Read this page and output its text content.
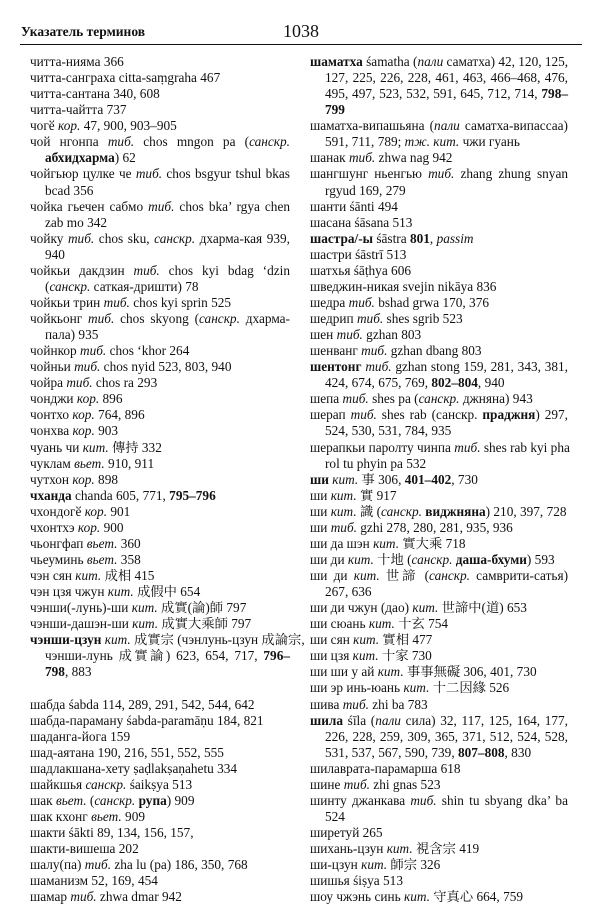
Указатель терминов	1038
читта-нияма 366
читта-санграха citta-saṃgraha 467
читта-сантана 340, 608
читта-чайтта 737
чогӗ кор. 47, 900, 903–905
чой нгонпа тиб. chos mngon pa (санскр.
абхидхарма) 62
чойгьюр цулке че тиб. chos bsgyur tshul bkas
bcad 356
чойка гьечен сабмо тиб. chos bka’ rgya chen
zab mo 342
чойку тиб. chos sku, санскр. дхарма-кая 939,
940
чойкьи дакдзин тиб. chos kyi bdag ‘dzin
(санскр. саткая-дришти) 78
чойкьи трин тиб. chos kyi sprin 525
чойкьонг тиб. chos skyong (санскр. дхарма-
пала) 935
чойнкор тиб. chos ‘khor 264
чойньи тиб. chos nyid 523, 803, 940
чойра тиб. chos ra 293
чонджи кор. 896
чонтхо кор. 764, 896
чонхва кор. 903
чуань чи кит. 傳持 332
чуклам вьет. 910, 911
чутхон кор. 898
чханда chanda 605, 771, 795–796
чхондогӗ кор. 901
чхонтхэ кор. 900
чьонгфап вьет. 360
чьеуминь вьет. 358
чэн сян кит. 成相 415
чэн цзя чжун кит. 成假中 654
чэнши(-лунь)-ши кит. 成實(論)師 797
чэнши-дашэн-ши кит. 成實大乘師 797
чэнши-цзун кит. 成實宗 (чэнлунь-цзун 成論宗,
чэнши-лунь 成實論) 623, 654, 717, 796–
798, 883
шабда śabda 114, 289, 291, 542, 544, 642
шабда-параману śabda-paramāṇu 184, 821
шаданга-йога 159
шад-аятана 190, 216, 551, 552, 555
шадлакшана-хету ṣaḍlakṣaṇahetu 334
шайкшья санскр. śaikṣya 513
шак вьет. (санскр. рупа) 909
шак кхонг вьет. 909
шакти śākti 89, 134, 156, 157,
шакти-вишеша 202
шалу(па) тиб. zha lu (pa) 186, 350, 768
шаманизм 52, 169, 454
шамар тиб. zhwa dmar 942
шаматха śamatha (пали саматха) 42, 120, 125,
127, 225, 226, 228, 461, 463, 466–468, 476,
495, 497, 523, 532, 591, 645, 712, 714, 798–
799
шаматха-випашьяна (пали саматха-випассаа)
591, 711, 789; тж. кит. чжи гуань
шанак тиб. zhwa nag 942
шангшунг ньенгью тиб. zhang zhung snyan
rgyud 169, 279
шанти śānti 494
шасана śāsana 513
шастра/-ы śāstra 801, passim
шастри śāstrī 513
шатхья śāṭhya 606
шведжин-никая svejin nikāya 836
шедра тиб. bshad grwa 170, 376
шедрип тиб. shes sgrib 523
шен тиб. gzhan 803
шенванг тиб. gzhan dbang 803
шентонг тиб. gzhan stong 159, 281, 343, 381,
424, 674, 675, 769, 802–804, 940
шепа тиб. shes pa (санскр. джняна) 943
шерап тиб. shes rab (санскр. праджня) 297,
524, 530, 531, 784, 935
шерапкьи паролту чинпа тиб. shes rab kyi pha
rol tu phyin pa 532
ши кит. 事 306, 401–402, 730
ши кит. 實 917
ши кит. 識 (санскр. виджняна) 210, 397, 728
ши тиб. gzhi 278, 280, 281, 935, 936
ши да шэн кит. 實大乘 718
ши ди кит. 十地 (санскр. даша-бхуми) 593
ши ди кит. 世諦 (санскр. самврити-сатья)
267, 636
ши ди чжун (дао) кит. 世諦中(道) 653
ши сюань кит. 十玄 754
ши сян кит. 實相 477
ши цзя кит. 十家 730
ши ши у ай кит. 事事無礙 306, 401, 730
ши эр инь-юань кит. 十二因緣 526
шива тиб. zhi ba 783
шила śīla (пали сила) 32, 117, 125, 164, 177,
226, 228, 259, 309, 365, 371, 512, 524, 528,
531, 537, 567, 590, 739, 807–808, 830
шилаврата-парамарша 618
шине тиб. zhi gnas 523
шинту джанкава тиб. shin tu sbyang dka’ ba
524
ширетуй 265
шихань-цзун кит. 視含宗 419
ши-цзун кит. 師宗 326
шишья śiṣya 513
шоу чжэнь синь кит. 守真心 664, 759
